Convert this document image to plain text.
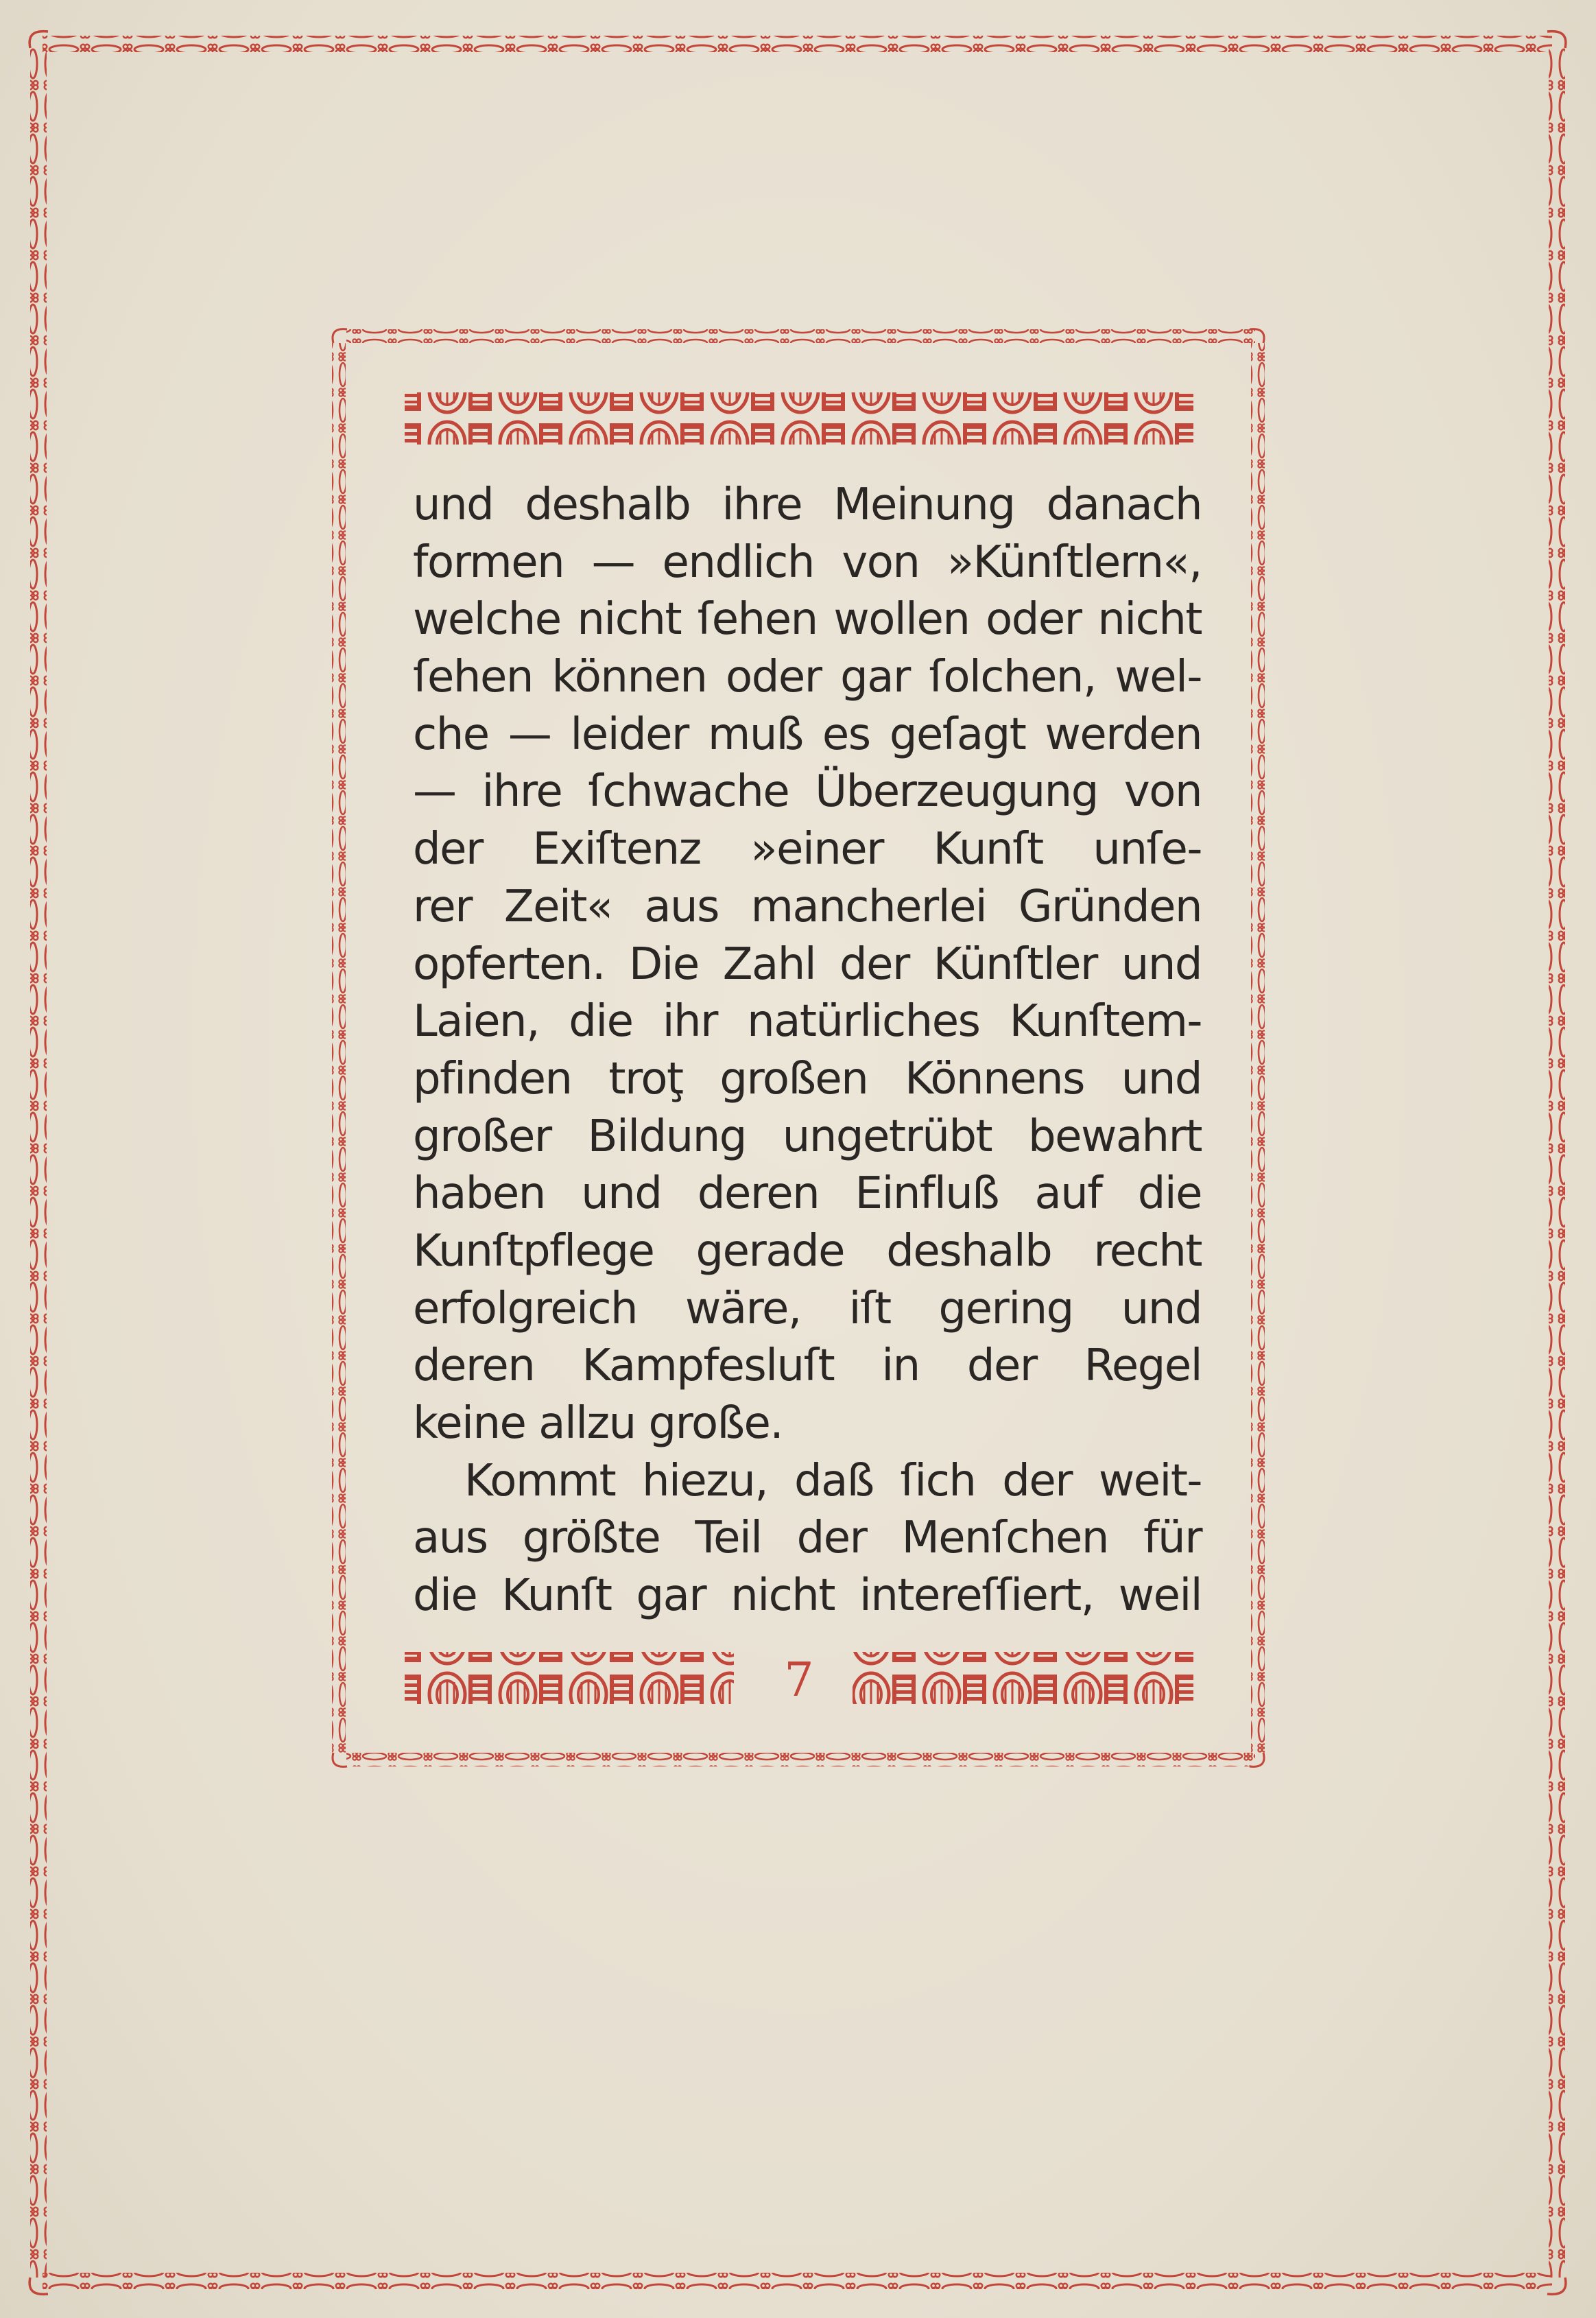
und deshalb ihre Meinung danach
formen — endlich von »Künſtlern«,
welche nicht ſehen wollen oder nicht
ſehen können oder gar ſolchen, wel-
che — leider muß es geſagt werden
— ihre ſchwache Überzeugung von
der Exiſtenz »einer Kunſt unſe-
rer Zeit« aus mancherlei Gründen
opferten. Die Zahl der Künſtler und
Laien, die ihr natürliches Kunſtem-
pfinden troţ großen Könnens und
großer Bildung ungetrübt bewahrt
haben und deren Einfluß auf die
Kunſtpflege gerade deshalb recht
erfolgreich wäre, iſt gering und
deren Kampfesluſt in der Regel
keine allzu große.
Kommt hiezu, daß ſich der weit-
aus größte Teil der Menſchen für
die Kunſt gar nicht intereſſiert, weil
7
